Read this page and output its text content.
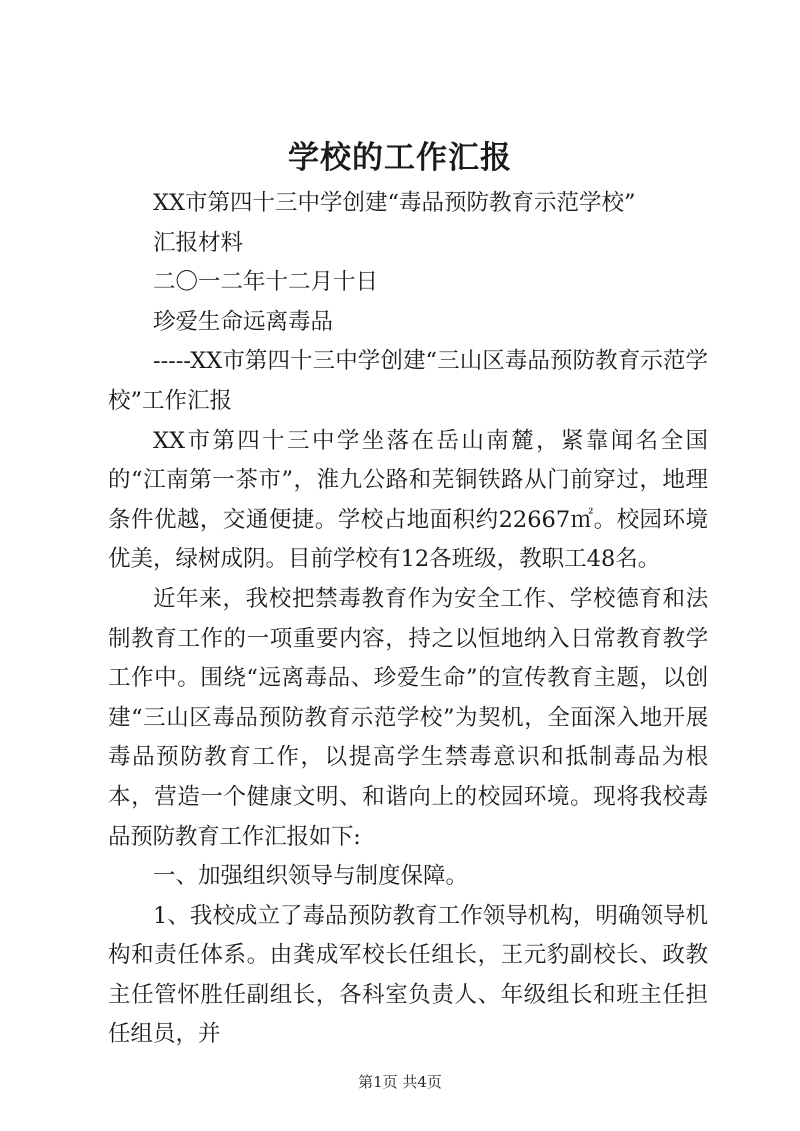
学校的工作汇报

XX市第四十三中学创建“毒品预防教育示范学校”

汇报材料

二〇一二年十二月十日

珍爱生命远离毒品

-----XX市第四十三中学创建“三山区毒品预防教育示范学校”工作汇报

XX市第四十三中学坐落在岳山南麓，紧靠闻名全国的“江南第一茶市”，淮九公路和芜铜铁路从门前穿过，地理条件优越，交通便捷。学校占地面积约22667㎡。校园环境优美，绿树成阴。目前学校有12各班级，教职工48名。

近年来，我校把禁毒教育作为安全工作、学校德育和法制教育工作的一项重要内容，持之以恒地纳入日常教育教学工作中。围绕“远离毒品、珍爱生命”的宣传教育主题，以创建“三山区毒品预防教育示范学校”为契机，全面深入地开展毒品预防教育工作，以提高学生禁毒意识和抵制毒品为根本，营造一个健康文明、和谐向上的校园环境。现将我校毒品预防教育工作汇报如下:

一、加强组织领导与制度保障。

1、我校成立了毒品预防教育工作领导机构，明确领导机构和责任体系。由龚成军校长任组长，王元豹副校长、政教主任管怀胜任副组长，各科室负责人、年级组长和班主任担任组员，并

第1页 共4页
